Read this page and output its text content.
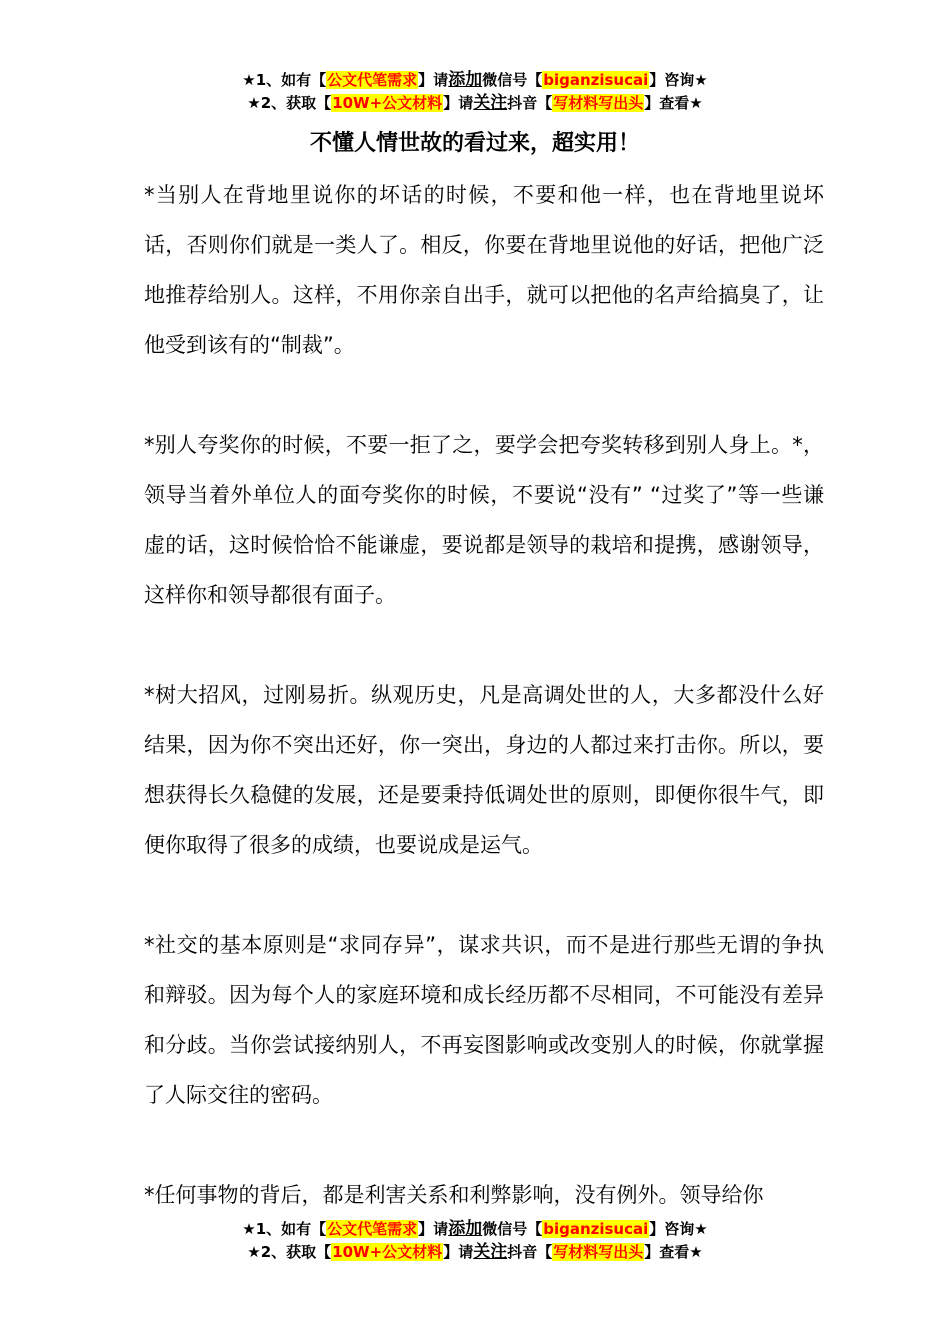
★1、如有【公文代笔需求】请添加微信号【biganzisucai】咨询★
★2、获取【10W+公文材料】请关注抖音【写材料写出头】查看★
不懂人情世故的看过来，超实用！

*当别人在背地里说你的坏话的时候，不要和他一样，也在背地里说坏话，否则你们就是一类人了。相反，你要在背地里说他的好话，把他广泛地推荐给别人。这样，不用你亲自出手，就可以把他的名声给搞臭了，让他受到该有的“制裁”。

*别人夸奖你的时候，不要一拒了之，要学会把夸奖转移到别人身上。*，领导当着外单位人的面夸奖你的时候，不要说“没有” “过奖了”等一些谦虚的话，这时候恰恰不能谦虚，要说都是领导的栽培和提携，感谢领导，这样你和领导都很有面子。

*树大招风，过刚易折。纵观历史，凡是高调处世的人，大多都没什么好结果，因为你不突出还好，你一突出，身边的人都过来打击你。所以，要想获得长久稳健的发展，还是要秉持低调处世的原则，即便你很牛气，即便你取得了很多的成绩，也要说成是运气。

*社交的基本原则是“求同存异”，谋求共识，而不是进行那些无谓的争执和辩驳。因为每个人的家庭环境和成长经历都不尽相同，不可能没有差异和分歧。当你尝试接纳别人，不再妄图影响或改变别人的时候，你就掌握了人际交往的密码。

*任何事物的背后，都是利害关系和利弊影响，没有例外。领导给你

★1、如有【公文代笔需求】请添加微信号【biganzisucai】咨询★
★2、获取【10W+公文材料】请关注抖音【写材料写出头】查看★
